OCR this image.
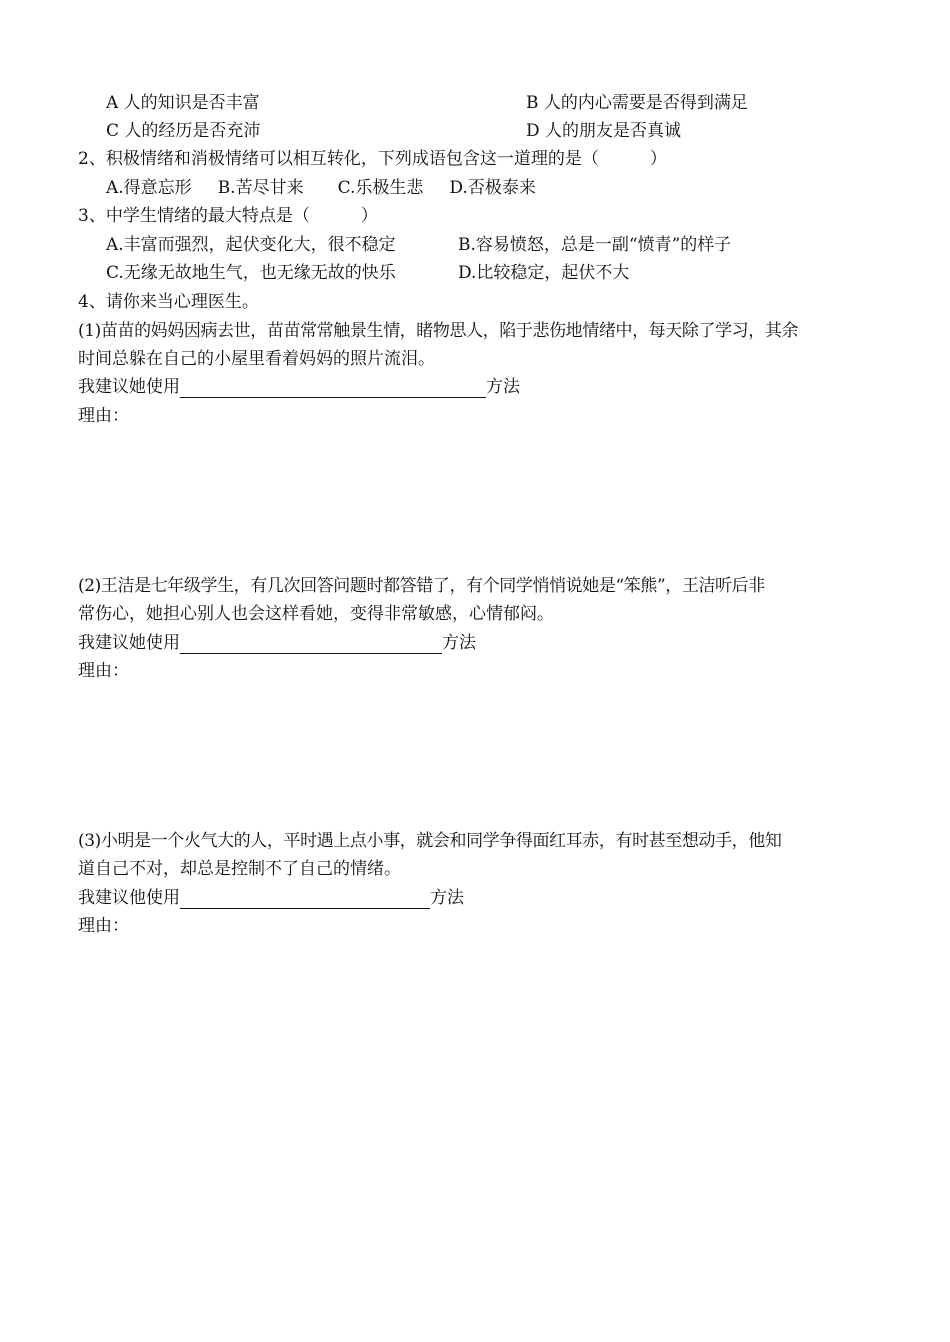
A 人的知识是否丰富	B 人的内心需要是否得到满足
C 人的经历是否充沛	D 人的朋友是否真诚
2、积极情绪和消极情绪可以相互转化，下列成语包含这一道理的是（　　　）
A.得意忘形 B.苦尽甘来 C.乐极生悲 D.否极泰来
3、中学生情绪的最大特点是（　　　）
A.丰富而强烈，起伏变化大，很不稳定	B.容易愤怒，总是一副“愤青”的样子
C.无缘无故地生气，也无缘无故的快乐	D.比较稳定，起伏不大
4、请你来当心理医生。
(1)苗苗的妈妈因病去世，苗苗常常触景生情，睹物思人，陷于悲伤地情绪中，每天除了学习，其余
时间总躲在自己的小屋里看着妈妈的照片流泪。
我建议她使用	方法
理由：
(2)王洁是七年级学生，有几次回答问题时都答错了，有个同学悄悄说她是“笨熊”，王洁听后非
常伤心，她担心别人也会这样看她，变得非常敏感，心情郁闷。
我建议她使用	方法
理由：
(3)小明是一个火气大的人，平时遇上点小事，就会和同学争得面红耳赤，有时甚至想动手，他知
道自己不对，却总是控制不了自己的情绪。
我建议他使用	方法
理由：
